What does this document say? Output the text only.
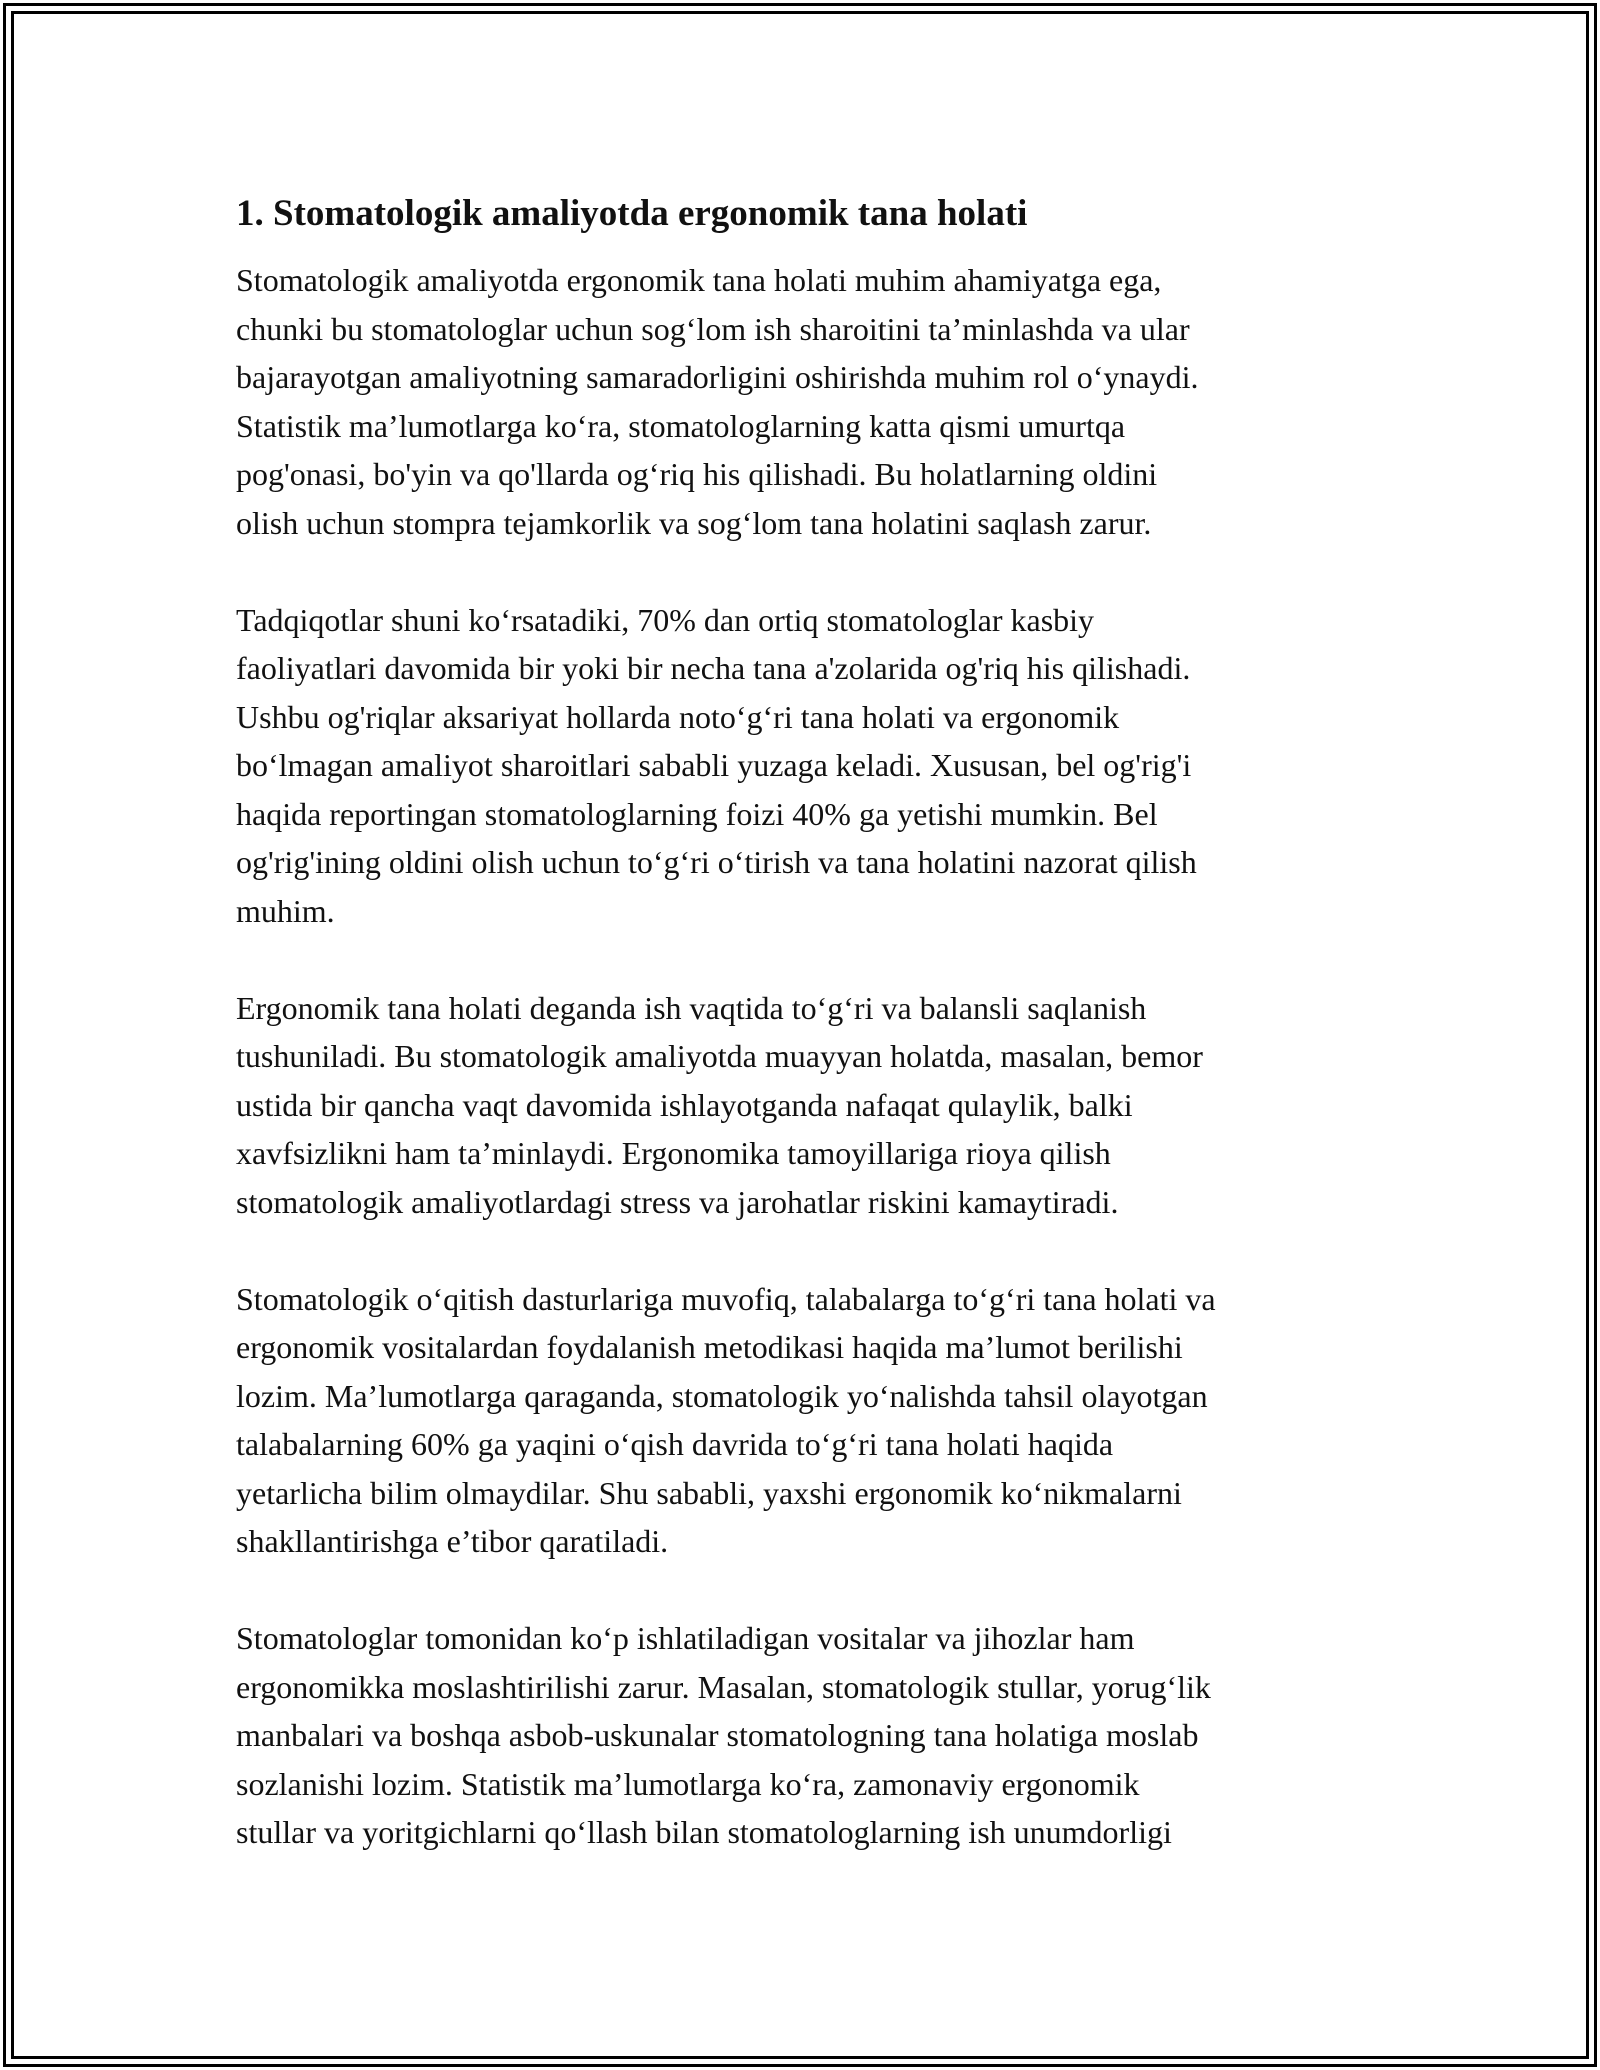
1. Stomatologik amaliyotda ergonomik tana holati

Stomatologik amaliyotda ergonomik tana holati muhim ahamiyatga ega,
chunki bu stomatologlar uchun sog‘lom ish sharoitini ta’minlashda va ular
bajarayotgan amaliyotning samaradorligini oshirishda muhim rol o‘ynaydi.
Statistik ma’lumotlarga ko‘ra, stomatologlarning katta qismi umurtqa
pog'onasi, bo'yin va qo'llarda og‘riq his qilishadi. Bu holatlarning oldini
olish uchun stompra tejamkorlik va sog‘lom tana holatini saqlash zarur.

Tadqiqotlar shuni ko‘rsatadiki, 70% dan ortiq stomatologlar kasbiy
faoliyatlari davomida bir yoki bir necha tana a'zolarida og'riq his qilishadi.
Ushbu og'riqlar aksariyat hollarda noto‘g‘ri tana holati va ergonomik
bo‘lmagan amaliyot sharoitlari sababli yuzaga keladi. Xususan, bel og'rig'i
haqida reportingan stomatologlarning foizi 40% ga yetishi mumkin. Bel
og'rig'ining oldini olish uchun to‘g‘ri o‘tirish va tana holatini nazorat qilish
muhim.

Ergonomik tana holati deganda ish vaqtida to‘g‘ri va balansli saqlanish
tushuniladi. Bu stomatologik amaliyotda muayyan holatda, masalan, bemor
ustida bir qancha vaqt davomida ishlayotganda nafaqat qulaylik, balki
xavfsizlikni ham ta’minlaydi. Ergonomika tamoyillariga rioya qilish
stomatologik amaliyotlardagi stress va jarohatlar riskini kamaytiradi.

Stomatologik o‘qitish dasturlariga muvofiq, talabalarga to‘g‘ri tana holati va
ergonomik vositalardan foydalanish metodikasi haqida ma’lumot berilishi
lozim. Ma’lumotlarga qaraganda, stomatologik yo‘nalishda tahsil olayotgan
talabalarning 60% ga yaqini o‘qish davrida to‘g‘ri tana holati haqida
yetarlicha bilim olmaydilar. Shu sababli, yaxshi ergonomik ko‘nikmalarni
shakllantirishga e’tibor qaratiladi.

Stomatologlar tomonidan ko‘p ishlatiladigan vositalar va jihozlar ham
ergonomikka moslashtirilishi zarur. Masalan, stomatologik stullar, yorug‘lik
manbalari va boshqa asbob-uskunalar stomatologning tana holatiga moslab
sozlanishi lozim. Statistik ma’lumotlarga ko‘ra, zamonaviy ergonomik
stullar va yoritgichlarni qo‘llash bilan stomatologlarning ish unumdorligi
